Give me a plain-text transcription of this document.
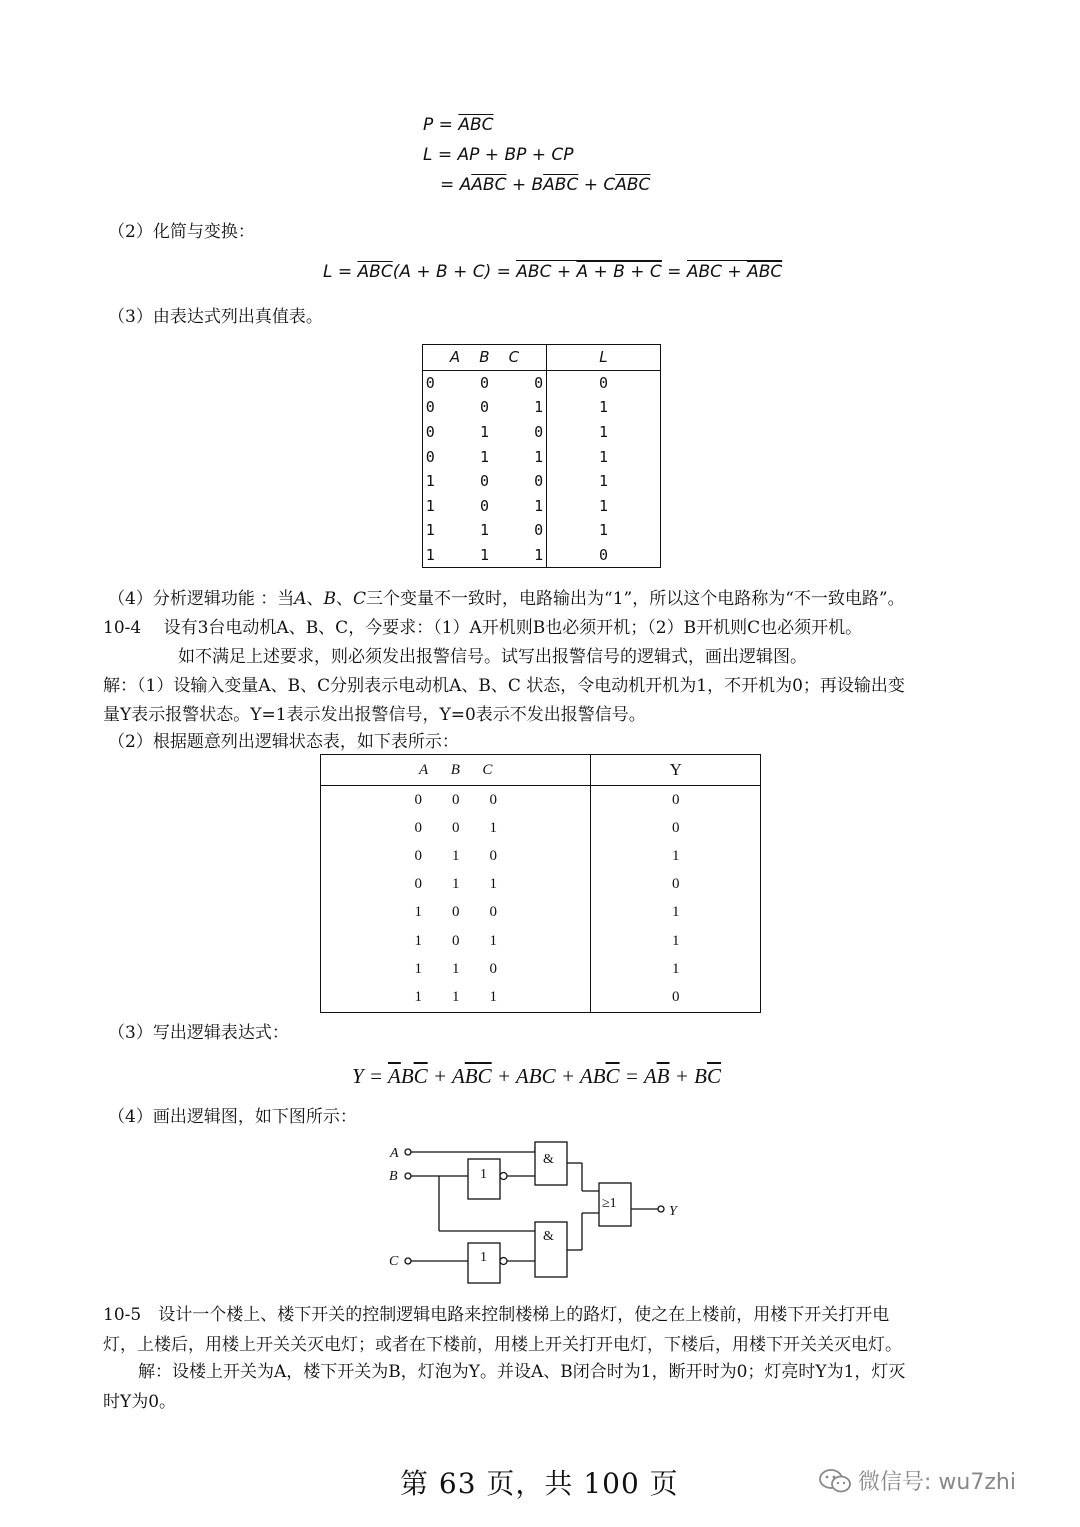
$P = \overline{ABC}$
L = AP + BP + CP
= $A\overline{ABC} + B\overline{ABC} + C\overline{ABC}$
（2）化简与变换：
$L = \overline{ABC}(A + B + C)$ = ABC + A + B + C = ABC + $\overline{A}\overline{B}\overline{C}$
（3）由表达式列出真值表。
A B C	L
0 0 0	0
0 0 1	1
0 1 0	1
0 1 1	1
1 0 0	1
1 0 1	1
1 1 0	1
1 1 1	0
（4）分析逻辑功能 ：当A、B、C三个变量不一致时，电路输出为“1”，所以这个电路称为“不一致电路”。
10-4　 设有3台电动机A、B、C，今要求：（1）A开机则B也必须开机；（2）B开机则C也必须开机。
如不满足上述要求，则必须发出报警信号。试写出报警信号的逻辑式，画出逻辑图。
解：（1）设输入变量A、B、C分别表示电动机A、B、C 状态，令电动机开机为1，不开机为0；再设输出变
量Y表示报警状态。Y=1表示发出报警信号，Y=0表示不发出报警信号。
（2）根据题意列出逻辑状态表，如下表所示：
A B C	Y
0 0 0	0
0 0 1	0
0 1 0	1
0 1 1	0
1 0 0	1
1 0 1	1
1 1 0	1
1 1 1	0
（3）写出逻辑表达式：
$Y = \overline{A}B\overline{C} + A\overline{B}\overline{C}$ + ABC + $AB\overline{C} = A\overline{B} + B\overline{C}$
（4）画出逻辑图，如下图所示：
A
B
C
Y
1
1
&
&
≥1
10-5　设计一个楼上、楼下开关的控制逻辑电路来控制楼梯上的路灯，使之在上楼前，用楼下开关打开电
灯，上楼后，用楼上开关关灭电灯；或者在下楼前，用楼上开关打开电灯，下楼后，用楼下开关关灭电灯。
解：设楼上开关为A，楼下开关为B，灯泡为Y。并设A、B闭合时为1，断开时为0；灯亮时Y为1，灯灭
时Y为0。
第 63 页，共 100 页	微信号: wu7zhi
